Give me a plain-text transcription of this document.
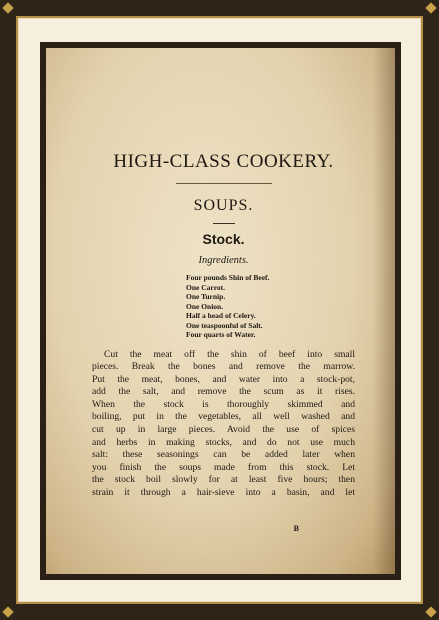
HIGH-CLASS COOKERY.
SOUPS.
Stock.
Ingredients.
Four pounds Shin of Beef.
One Carrot.
One Turnip.
One Onion.
Half a head of Celery.
One teaspoonful of Salt.
Four quarts of Water.
Cut the meat off the shin of beef into small
pieces. Break the bones and remove the marrow.
Put the meat, bones, and water into a stock-pot,
add the salt, and remove the scum as it rises.
When the stock is thoroughly skimmed and
boiling, put in the vegetables, all well washed and
cut up in large pieces. Avoid the use of spices
and herbs in making stocks, and do not use much
salt: these seasonings can be added later when
you finish the soups made from this stock. Let
the stock boil slowly for at least five hours; then
strain it through a hair-sieve into a basin, and let
B
